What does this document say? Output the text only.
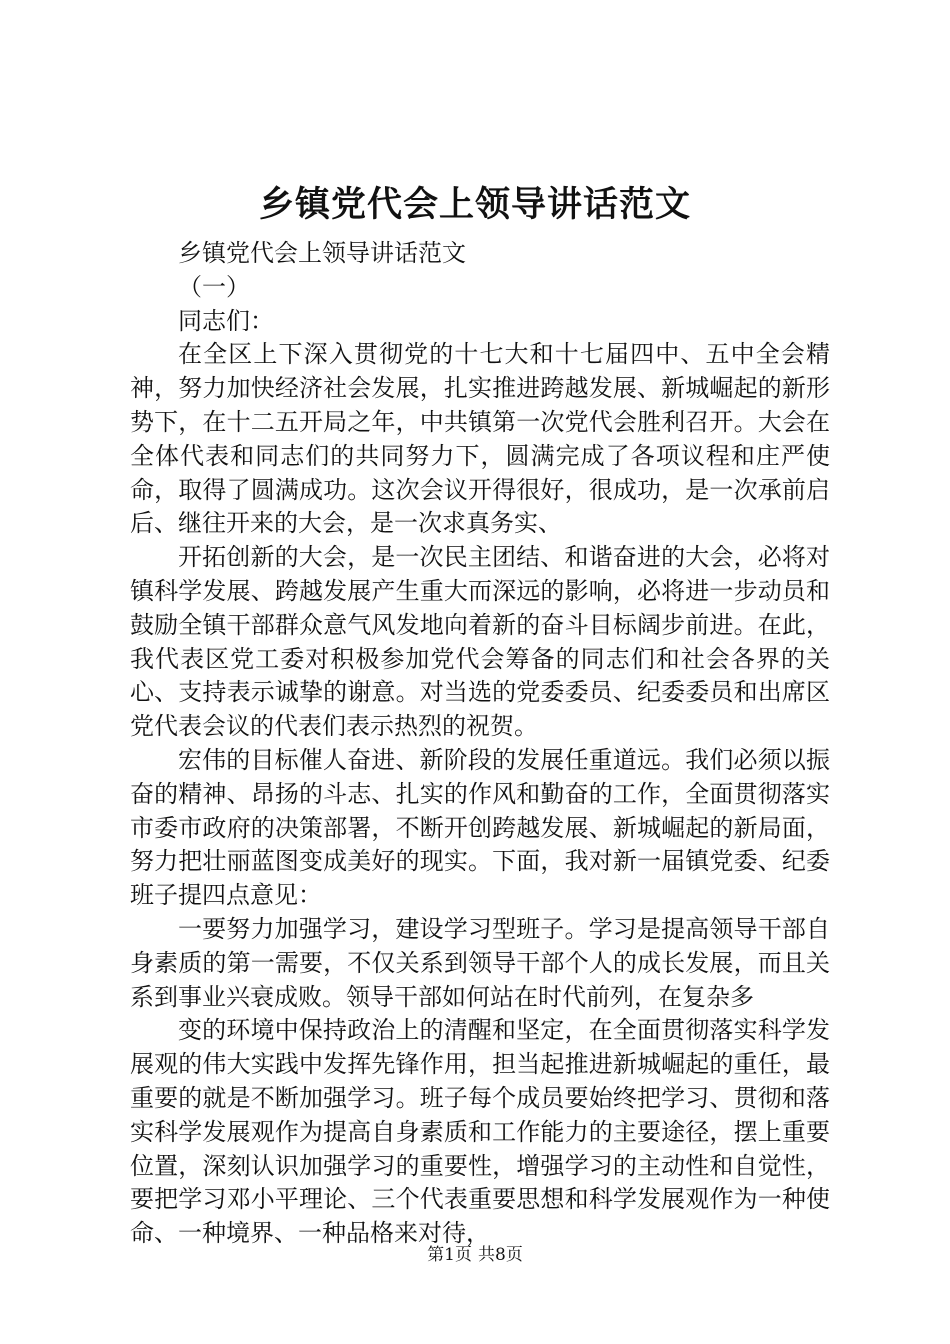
乡镇党代会上领导讲话范文

乡镇党代会上领导讲话范文

（一）

同志们：

在全区上下深入贯彻党的十七大和十七届四中、五中全会精神，努力加快经济社会发展，扎实推进跨越发展、新城崛起的新形势下，在十二五开局之年，中共镇第一次党代会胜利召开。大会在全体代表和同志们的共同努力下，圆满完成了各项议程和庄严使命，取得了圆满成功。这次会议开得很好，很成功，是一次承前启后、继往开来的大会，是一次求真务实、

开拓创新的大会，是一次民主团结、和谐奋进的大会，必将对镇科学发展、跨越发展产生重大而深远的影响，必将进一步动员和鼓励全镇干部群众意气风发地向着新的奋斗目标阔步前进。在此，我代表区党工委对积极参加党代会筹备的同志们和社会各界的关心、支持表示诚挚的谢意。对当选的党委委员、纪委委员和出席区党代表会议的代表们表示热烈的祝贺。

宏伟的目标催人奋进、新阶段的发展任重道远。我们必须以振奋的精神、昂扬的斗志、扎实的作风和勤奋的工作，全面贯彻落实市委市政府的决策部署，不断开创跨越发展、新城崛起的新局面，努力把壮丽蓝图变成美好的现实。下面，我对新一届镇党委、纪委班子提四点意见：

一要努力加强学习，建设学习型班子。学习是提高领导干部自身素质的第一需要，不仅关系到领导干部个人的成长发展，而且关系到事业兴衰成败。领导干部如何站在时代前列，在复杂多

变的环境中保持政治上的清醒和坚定，在全面贯彻落实科学发展观的伟大实践中发挥先锋作用，担当起推进新城崛起的重任，最重要的就是不断加强学习。班子每个成员要始终把学习、贯彻和落实科学发展观作为提高自身素质和工作能力的主要途径，摆上重要位置，深刻认识加强学习的重要性，增强学习的主动性和自觉性，要把学习邓小平理论、三个代表重要思想和科学发展观作为一种使命、一种境界、一种品格来对待，

第1页 共8页
